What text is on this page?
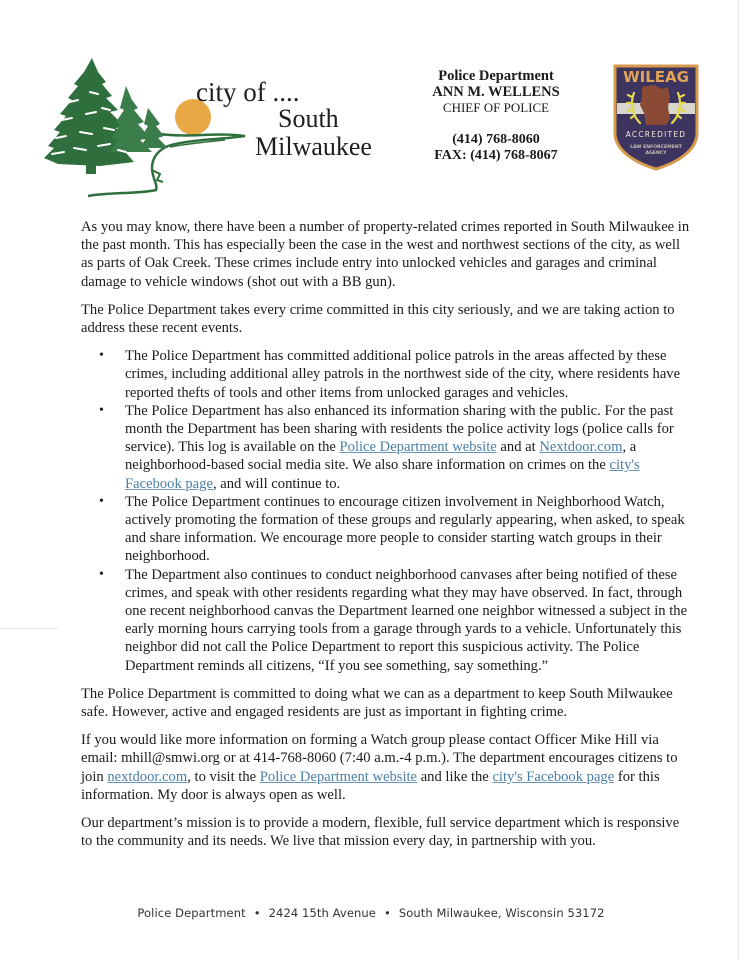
city of ....
South
Milwaukee
Police Department
ANN M. WELLENS
CHIEF OF POLICE
(414) 768-8060
FAX: (414) 768-8067
WILEAG
ACCREDITED
LAW ENFORCEMENT
AGENCY

As you may know, there have been a number of property-related crimes reported in South Milwaukee in the past month. This has especially been the case in the west and northwest sections of the city, as well as parts of Oak Creek. These crimes include entry into unlocked vehicles and garages and criminal damage to vehicle windows (shot out with a BB gun).

The Police Department takes every crime committed in this city seriously, and we are taking action to address these recent events.

• The Police Department has committed additional police patrols in the areas affected by these crimes, including additional alley patrols in the northwest side of the city, where residents have reported thefts of tools and other items from unlocked garages and vehicles.
• The Police Department has also enhanced its information sharing with the public. For the past month the Department has been sharing with residents the police activity logs (police calls for service). This log is available on the Police Department website and at Nextdoor.com, a neighborhood-based social media site. We also share information on crimes on the city's Facebook page, and will continue to.
• The Police Department continues to encourage citizen involvement in Neighborhood Watch, actively promoting the formation of these groups and regularly appearing, when asked, to speak and share information. We encourage more people to consider starting watch groups in their neighborhood.
• The Department also continues to conduct neighborhood canvases after being notified of these crimes, and speak with other residents regarding what they may have observed. In fact, through one recent neighborhood canvas the Department learned one neighbor witnessed a subject in the early morning hours carrying tools from a garage through yards to a vehicle. Unfortunately this neighbor did not call the Police Department to report this suspicious activity. The Police Department reminds all citizens, “If you see something, say something.”

The Police Department is committed to doing what we can as a department to keep South Milwaukee safe. However, active and engaged residents are just as important in fighting crime.

If you would like more information on forming a Watch group please contact Officer Mike Hill via email: mhill@smwi.org or at 414-768-8060 (7:40 a.m.-4 p.m.). The department encourages citizens to join nextdoor.com, to visit the Police Department website and like the city's Facebook page for this information. My door is always open as well.

Our department’s mission is to provide a modern, flexible, full service department which is responsive to the community and its needs. We live that mission every day, in partnership with you.

Police Department • 2424 15th Avenue • South Milwaukee, Wisconsin 53172
